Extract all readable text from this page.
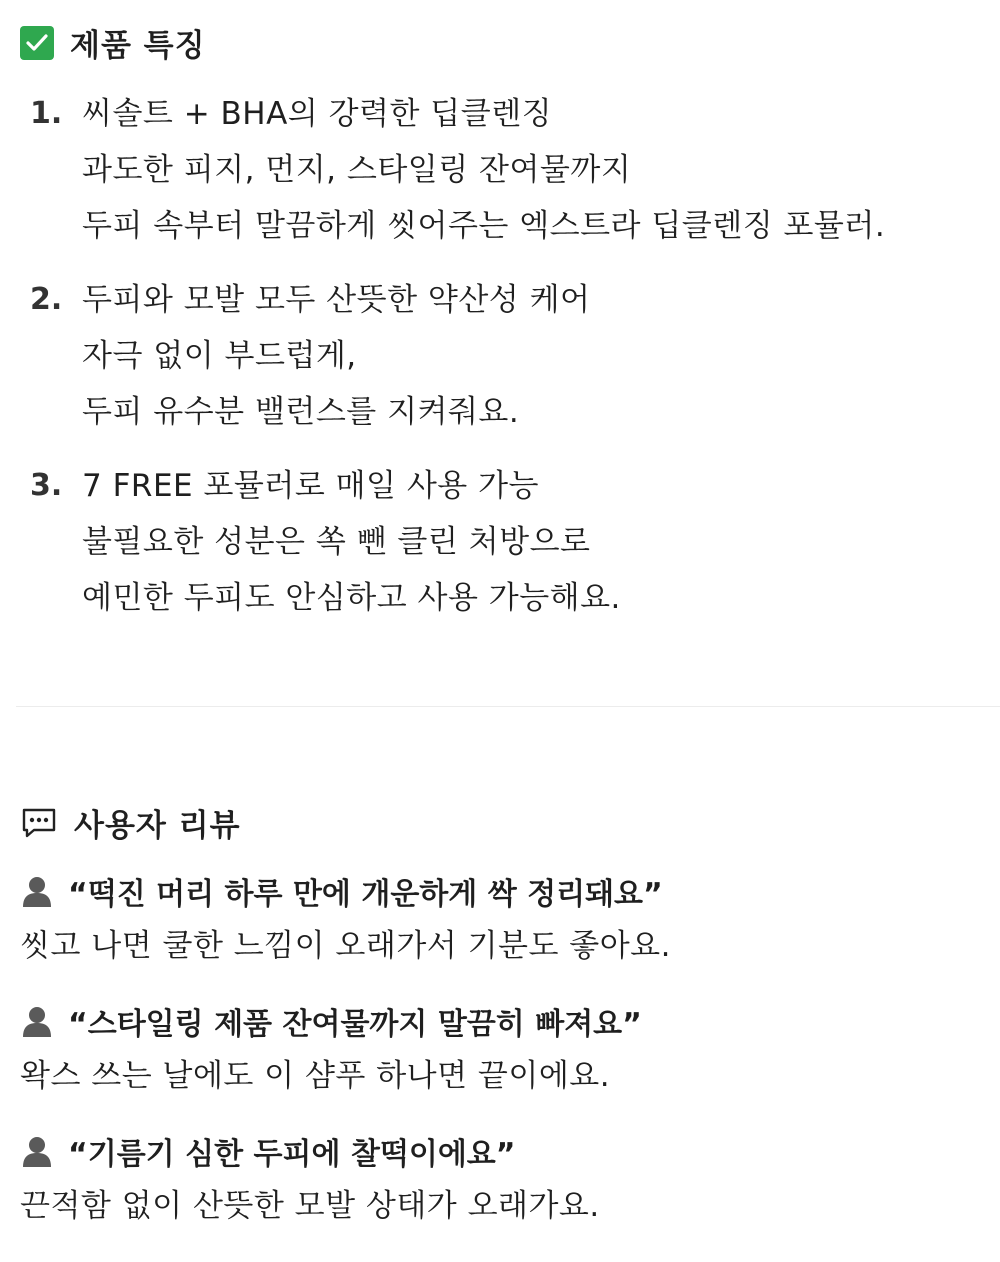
제품 특징
1. 씨솔트 + BHA의 강력한 딥클렌징
과도한 피지, 먼지, 스타일링 잔여물까지
두피 속부터 말끔하게 씻어주는 엑스트라 딥클렌징 포뮬러.
2. 두피와 모발 모두 산뜻한 약산성 케어
자극 없이 부드럽게,
두피 유수분 밸런스를 지켜줘요.
3. 7 FREE 포뮬러로 매일 사용 가능
불필요한 성분은 쏙 뺀 클린 처방으로
예민한 두피도 안심하고 사용 가능해요.
사용자 리뷰
“떡진 머리 하루 만에 개운하게 싹 정리돼요”
씻고 나면 쿨한 느낌이 오래가서 기분도 좋아요.
“스타일링 제품 잔여물까지 말끔히 빠져요”
왁스 쓰는 날에도 이 샴푸 하나면 끝이에요.
“기름기 심한 두피에 찰떡이에요”
끈적함 없이 산뜻한 모발 상태가 오래가요.
